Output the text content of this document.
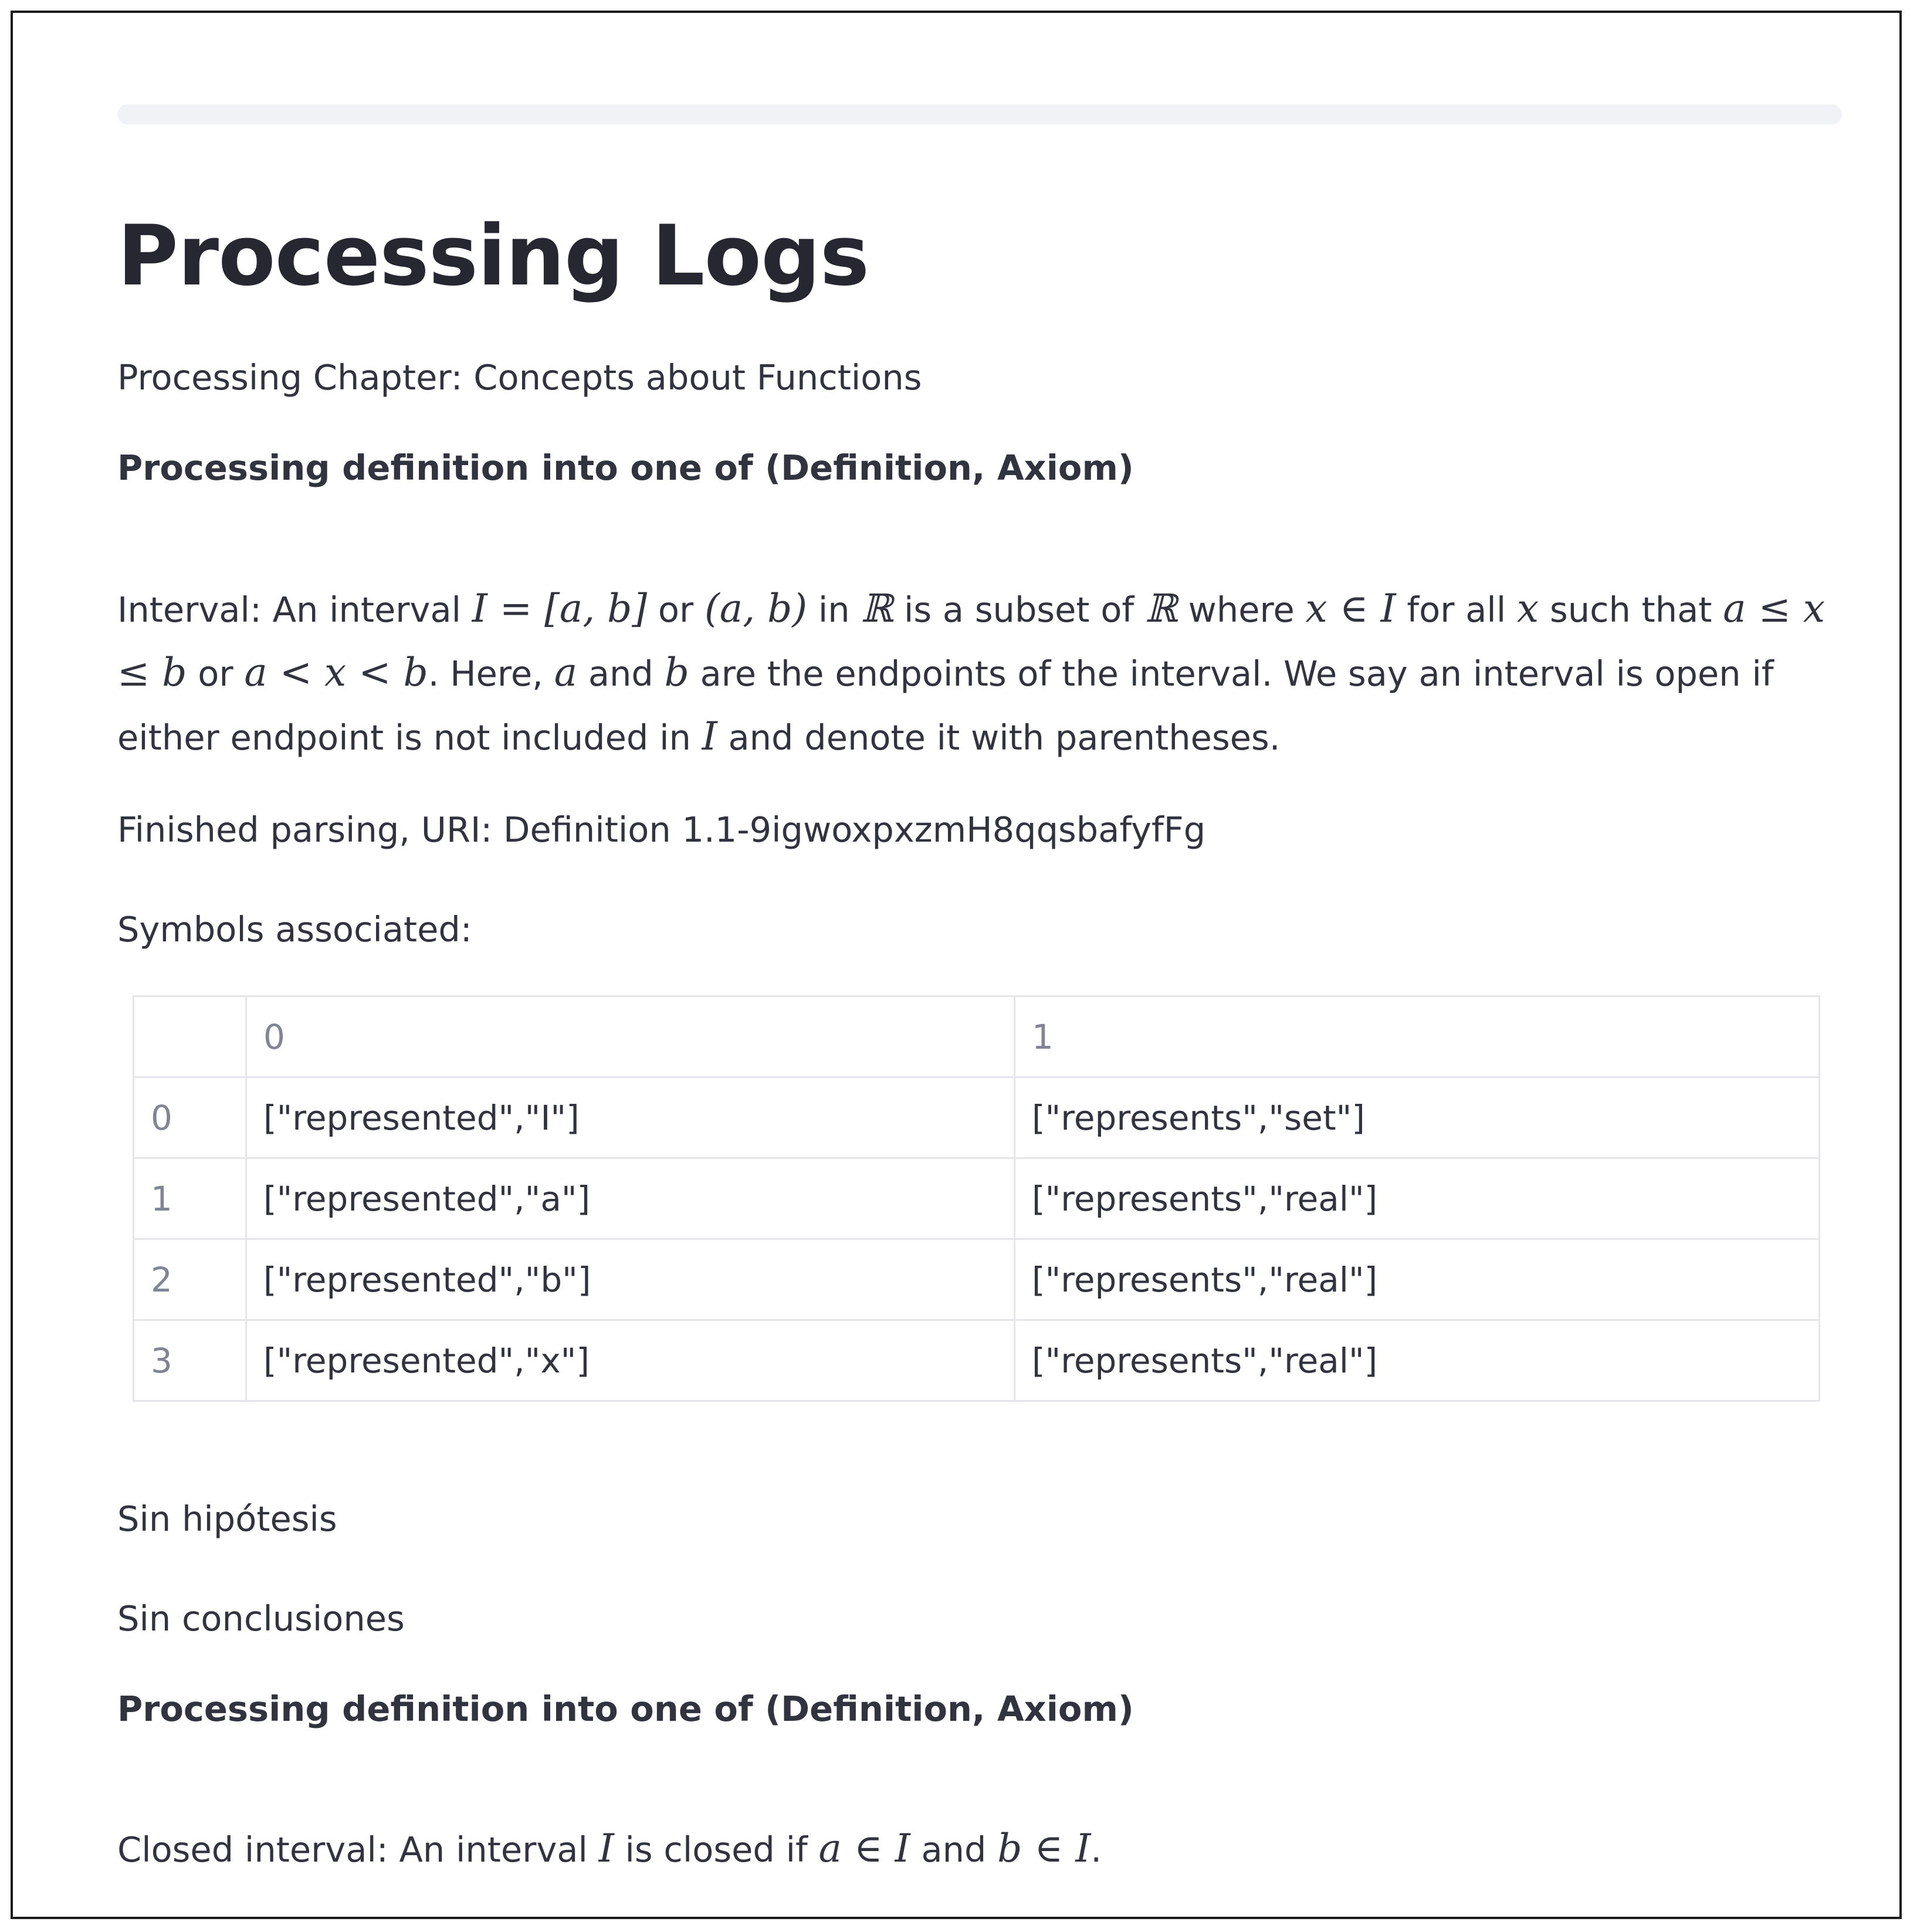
Processing Logs

Processing Chapter: Concepts about Functions

Processing definition into one of (Definition, Axiom)

Interval: An interval I = [a, b] or (a, b) in ℝ is a subset of ℝ where x ∈ I for all x such that a ≤ x ≤ b or a < x < b. Here, a and b are the endpoints of the interval. We say an interval is open if either endpoint is not included in I and denote it with parentheses.

Finished parsing, URI: Definition 1.1-9igwoxpxzmH8qqsbafyfFg

Symbols associated:

	0	1
0	["represented","I"]	["represents","set"]
1	["represented","a"]	["represents","real"]
2	["represented","b"]	["represents","real"]
3	["represented","x"]	["represents","real"]

Sin hipótesis

Sin conclusiones

Processing definition into one of (Definition, Axiom)

Closed interval: An interval I is closed if a ∈ I and b ∈ I.
